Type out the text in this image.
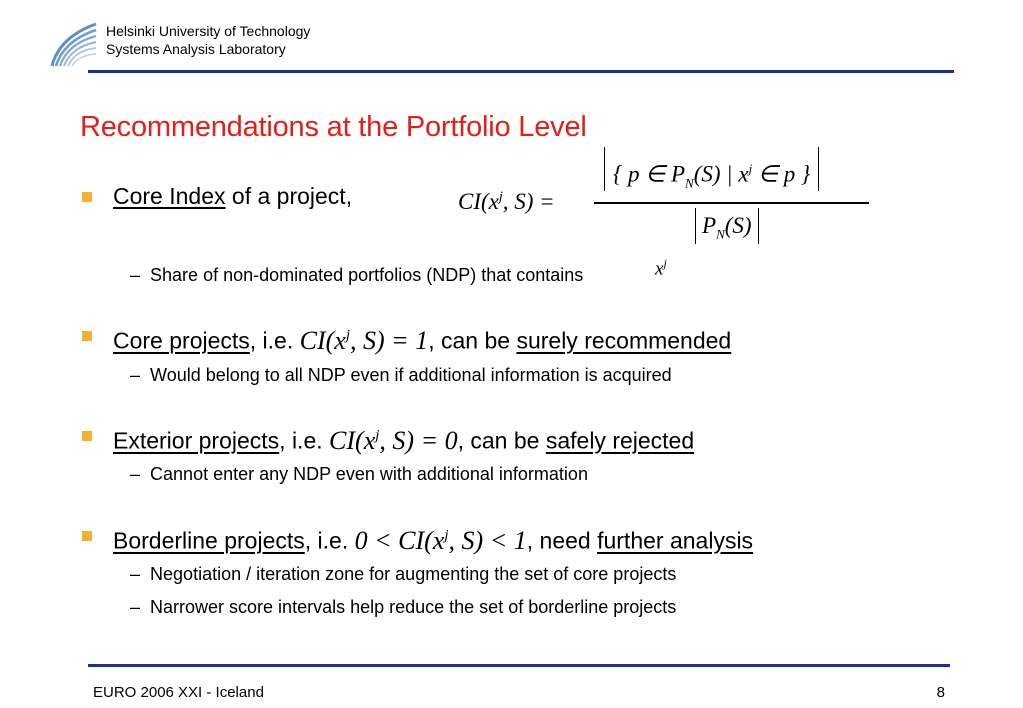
Helsinki University of Technology
Systems Analysis Laboratory
Recommendations at the Portfolio Level
Core Index of a project,	$CI(x^j$, S) =
{ p ∈ $P_N(S)$ | $x^j$ ∈ p }
$P_N(S)$
– Share of non-dominated portfolios (NDP) that contains	$x^j$
Core projects, i.e. $CI(x^j$, S) = 1, can be surely recommended
– Would belong to all NDP even if additional information is acquired
Exterior projects, i.e. $CI(x^j$, S) = 0, can be safely rejected
– Cannot enter any NDP even with additional information
Borderline projects, i.e. $0 < CI(x^j$, S) < 1, need further analysis
– Negotiation / iteration zone for augmenting the set of core projects
– Narrower score intervals help reduce the set of borderline projects
EURO 2006 XXI - Iceland	8
